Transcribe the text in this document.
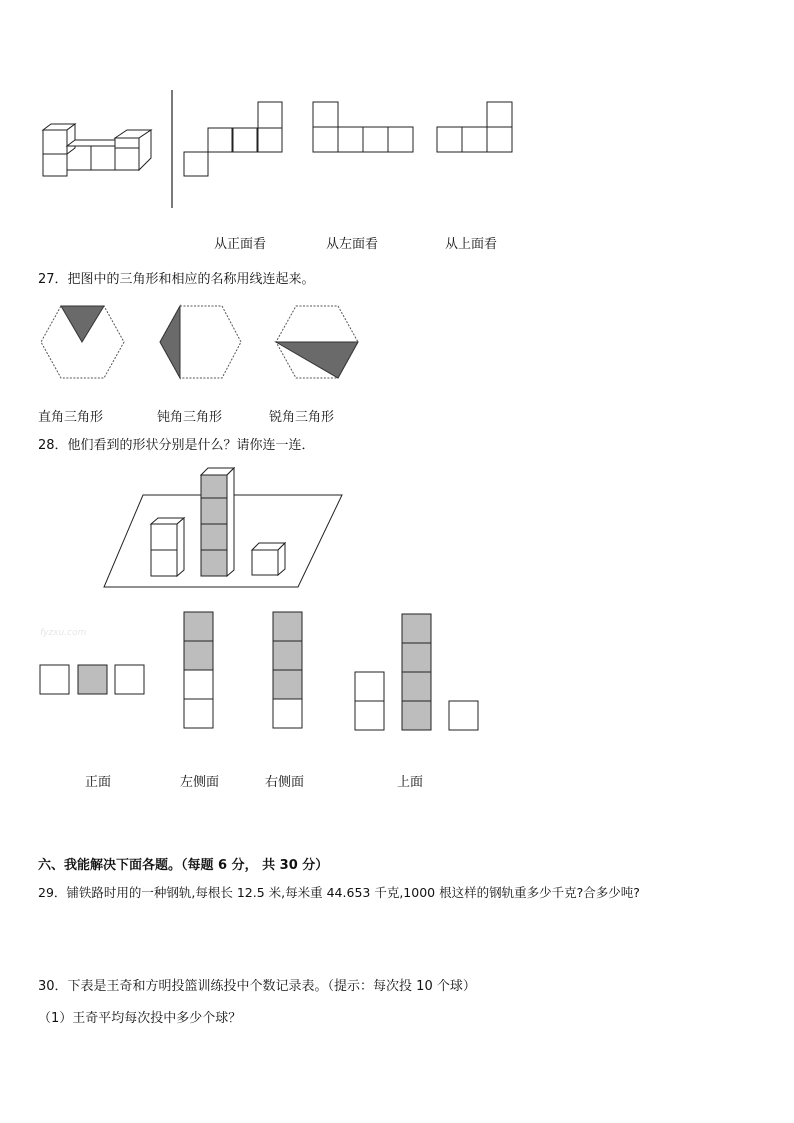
从正面看	从左面看	从上面看
27．把图中的三角形和相应的名称用线连起来。
直角三角形	钝角三角形	锐角三角形
28．他们看到的形状分别是什么？请你连一连．
fyzxu.com
正面	左侧面	右侧面	上面
六、我能解决下面各题。（每题 6 分， 共 30 分）
29．铺铁路时用的一种钢轨,每根长 12.5 米,每米重 44.653 千克,1000 根这样的钢轨重多少千克?合多少吨?
30．下表是王奇和方明投篮训练投中个数记录表。（提示：每次投 10 个球）
（1）王奇平均每次投中多少个球？
